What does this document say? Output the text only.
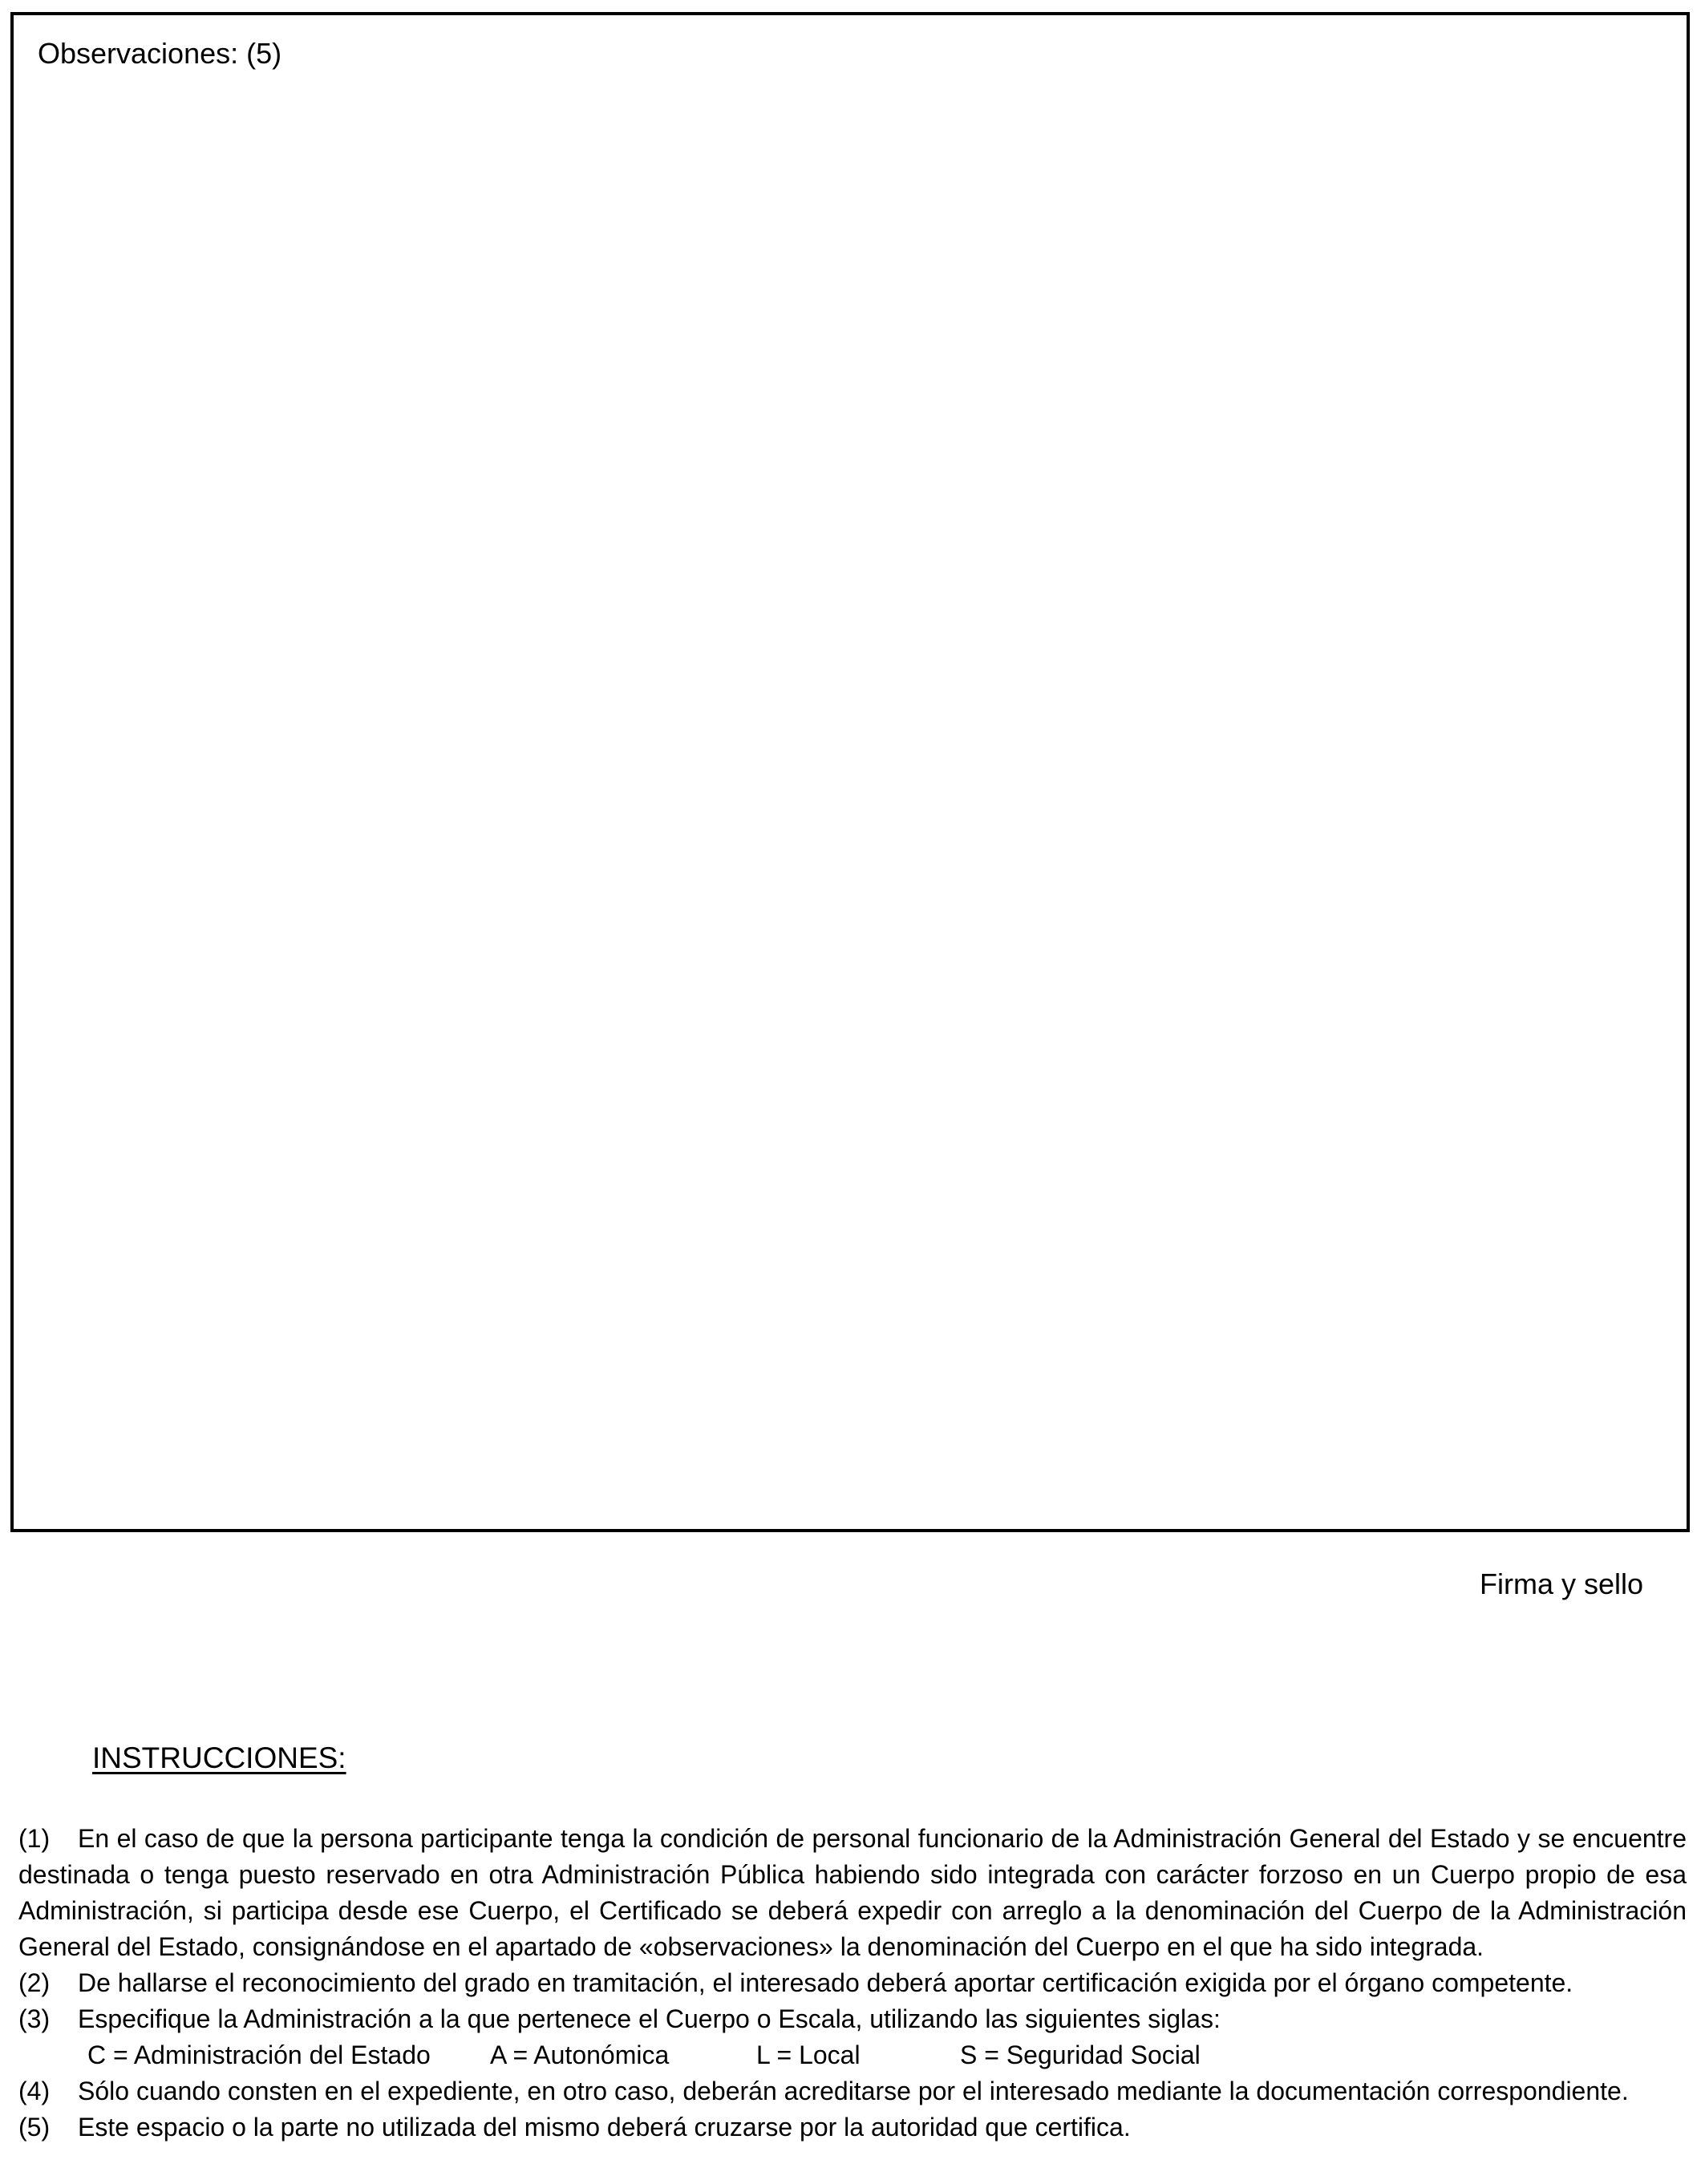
Observaciones: (5)
Firma y sello
INSTRUCCIONES:

(1) En el caso de que la persona participante tenga la condición de personal funcionario de la Administración General del Estado y se encuentre destinada o tenga puesto reservado en otra Administración Pública habiendo sido integrada con carácter forzoso en un Cuerpo propio de esa Administración, si participa desde ese Cuerpo, el Certificado se deberá expedir con arreglo a la denominación del Cuerpo de la Administración General del Estado, consignándose en el apartado de «observaciones» la denominación del Cuerpo en el que ha sido integrada.

(2) De hallarse el reconocimiento del grado en tramitación, el interesado deberá aportar certificación exigida por el órgano competente.

(3) Especifique la Administración a la que pertenece el Cuerpo o Escala, utilizando las siguientes siglas:

C = Administración del Estado A = Autonómica	L = Local	S = Seguridad Social

(4) Sólo cuando consten en el expediente, en otro caso, deberán acreditarse por el interesado mediante la documentación correspondiente.

(5) Este espacio o la parte no utilizada del mismo deberá cruzarse por la autoridad que certifica.
